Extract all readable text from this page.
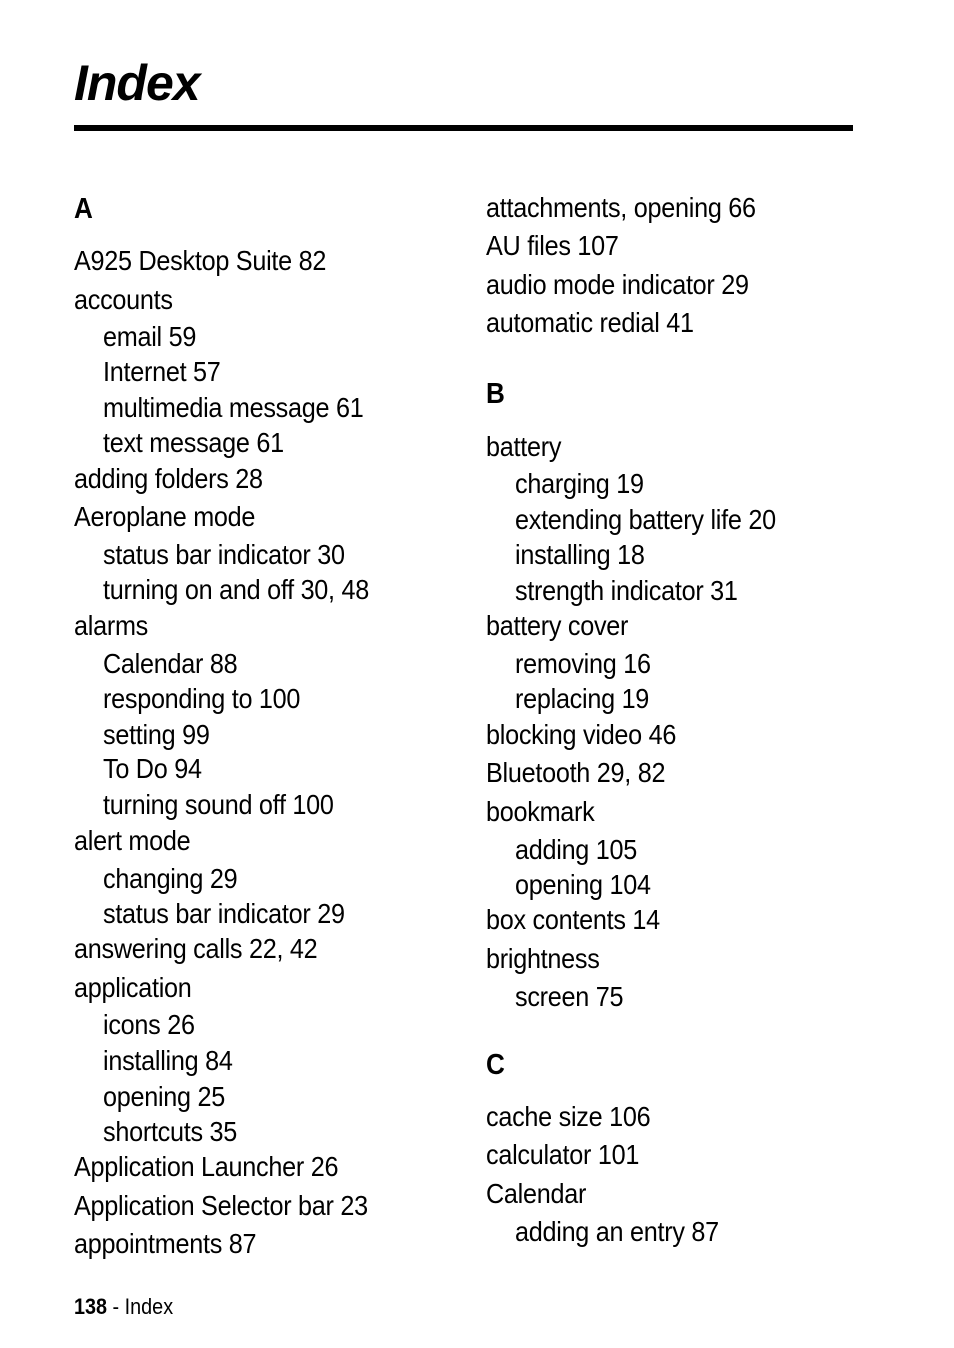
Index
A
A925 Desktop Suite 82
accounts
email 59
Internet 57
multimedia message 61
text message 61
adding folders 28
Aeroplane mode
status bar indicator 30
turning on and off 30, 48
alarms
Calendar 88
responding to 100
setting 99
To Do 94
turning sound off 100
alert mode
changing 29
status bar indicator 29
answering calls 22, 42
application
icons 26
installing 84
opening 25
shortcuts 35
Application Launcher 26
Application Selector bar 23
appointments 87
attachments, opening 66
AU files 107
audio mode indicator 29
automatic redial 41
B
battery
charging 19
extending battery life 20
installing 18
strength indicator 31
battery cover
removing 16
replacing 19
blocking video 46
Bluetooth 29, 82
bookmark
adding 105
opening 104
box contents 14
brightness
screen 75
C
cache size 106
calculator 101
Calendar
adding an entry 87
138 - Index
